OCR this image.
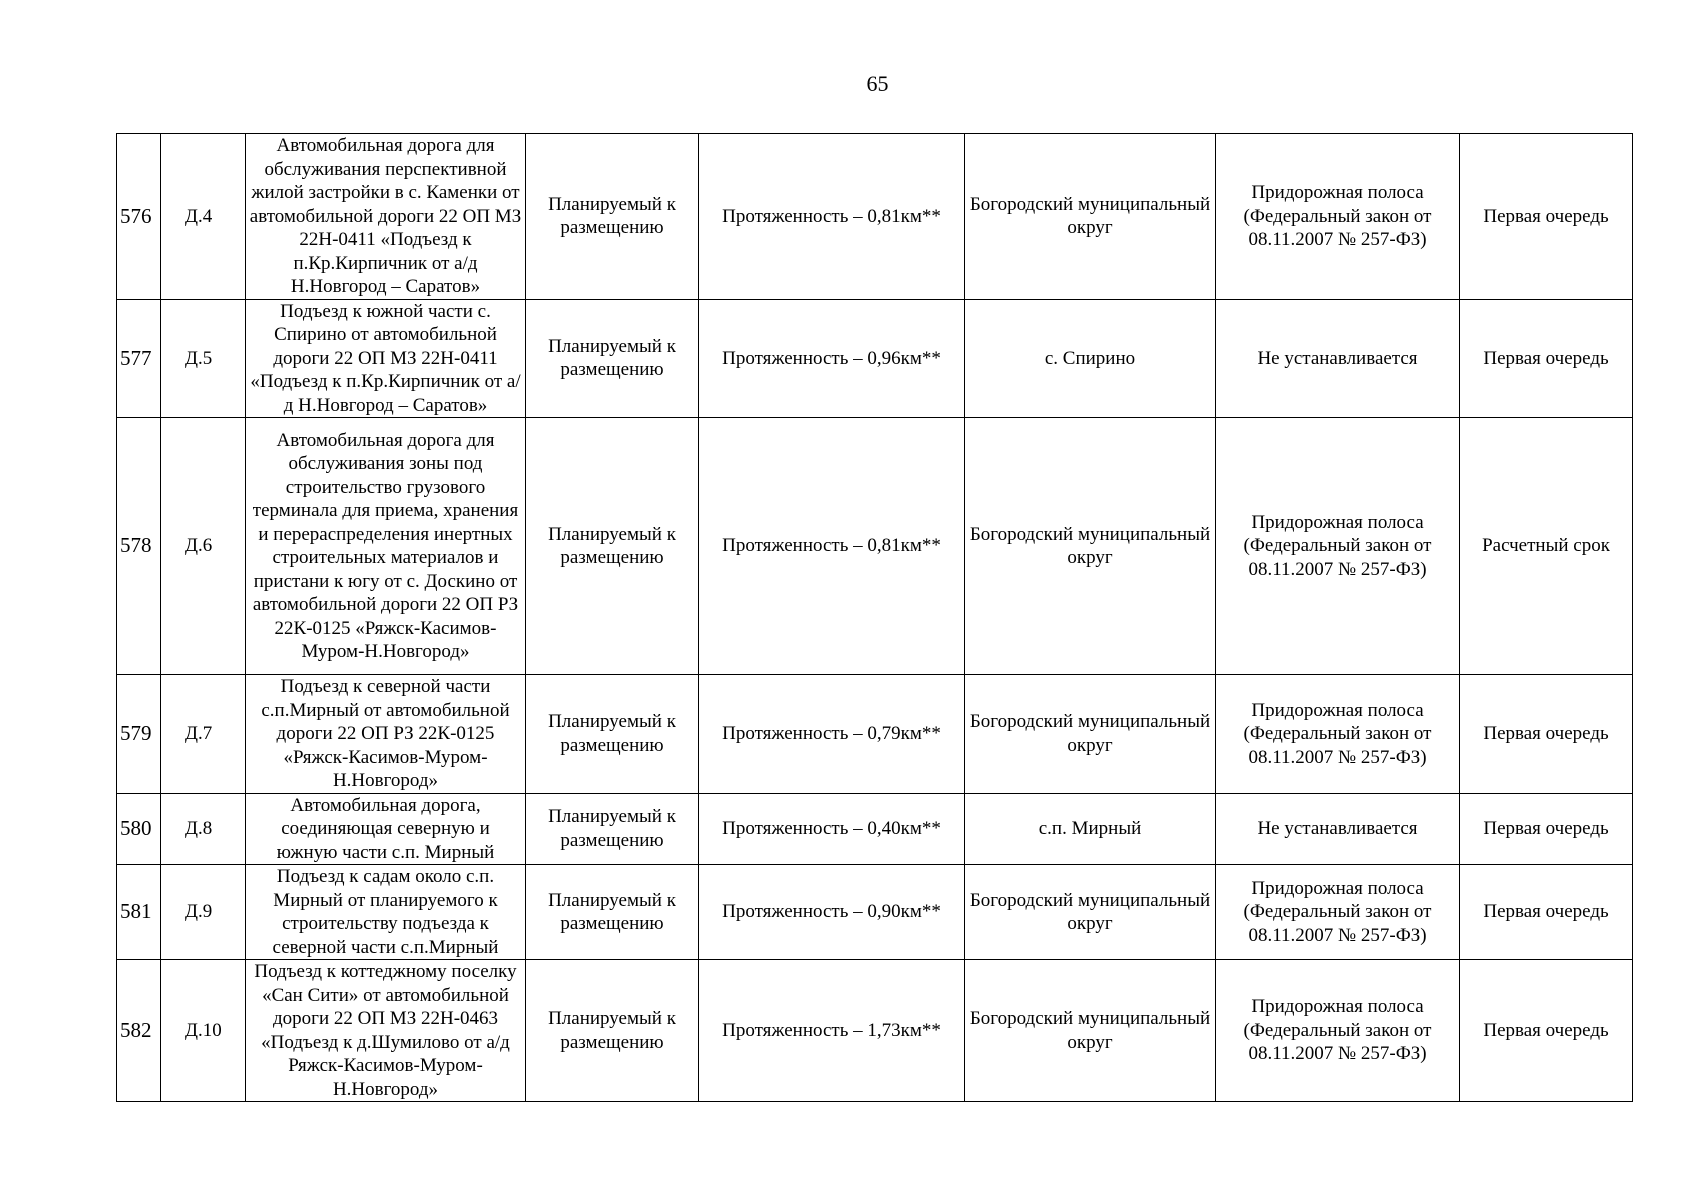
65
576	Д.4	Автомобильная дорога для обслуживания перспективной жилой застройки в с. Каменки от автомобильной дороги 22 ОП МЗ 22Н-0411 «Подъезд к п.Кр.Кирпичник от а/д Н.Новгород – Саратов»	Планируемый к размещению	Протяженность – 0,81км**	Богородский муниципальный округ	Придорожная полоса (Федеральный закон от 08.11.2007 № 257-ФЗ)	Первая очередь
577	Д.5	Подъезд к южной части с. Спирино от автомобильной дороги 22 ОП МЗ 22Н-0411 «Подъезд к п.Кр.Кирпичник от а/д Н.Новгород – Саратов»	Планируемый к размещению	Протяженность – 0,96км**	с. Спирино	Не устанавливается	Первая очередь
578	Д.6	Автомобильная дорога для обслуживания зоны под строительство грузового терминала для приема, хранения и перераспределения инертных строительных материалов и пристани к югу от с. Доскино от автомобильной дороги 22 ОП РЗ 22К-0125 «Ряжск-Касимов-Муром-Н.Новгород»	Планируемый к размещению	Протяженность – 0,81км**	Богородский муниципальный округ	Придорожная полоса (Федеральный закон от 08.11.2007 № 257-ФЗ)	Расчетный срок
579	Д.7	Подъезд к северной части с.п.Мирный от автомобильной дороги 22 ОП РЗ 22К-0125 «Ряжск-Касимов-Муром-Н.Новгород»	Планируемый к размещению	Протяженность – 0,79км**	Богородский муниципальный округ	Придорожная полоса (Федеральный закон от 08.11.2007 № 257-ФЗ)	Первая очередь
580	Д.8	Автомобильная дорога, соединяющая северную и южную части с.п. Мирный	Планируемый к размещению	Протяженность – 0,40км**	с.п. Мирный	Не устанавливается	Первая очередь
581	Д.9	Подъезд к садам около с.п. Мирный от планируемого к строительству подъезда к северной части с.п.Мирный	Планируемый к размещению	Протяженность – 0,90км**	Богородский муниципальный округ	Придорожная полоса (Федеральный закон от 08.11.2007 № 257-ФЗ)	Первая очередь
582	Д.10	Подъезд к коттеджному поселку «Сан Сити» от автомобильной дороги 22 ОП МЗ 22Н-0463 «Подъезд к д.Шумилово от а/д Ряжск-Касимов-Муром-Н.Новгород»	Планируемый к размещению	Протяженность – 1,73км**	Богородский муниципальный округ	Придорожная полоса (Федеральный закон от 08.11.2007 № 257-ФЗ)	Первая очередь
